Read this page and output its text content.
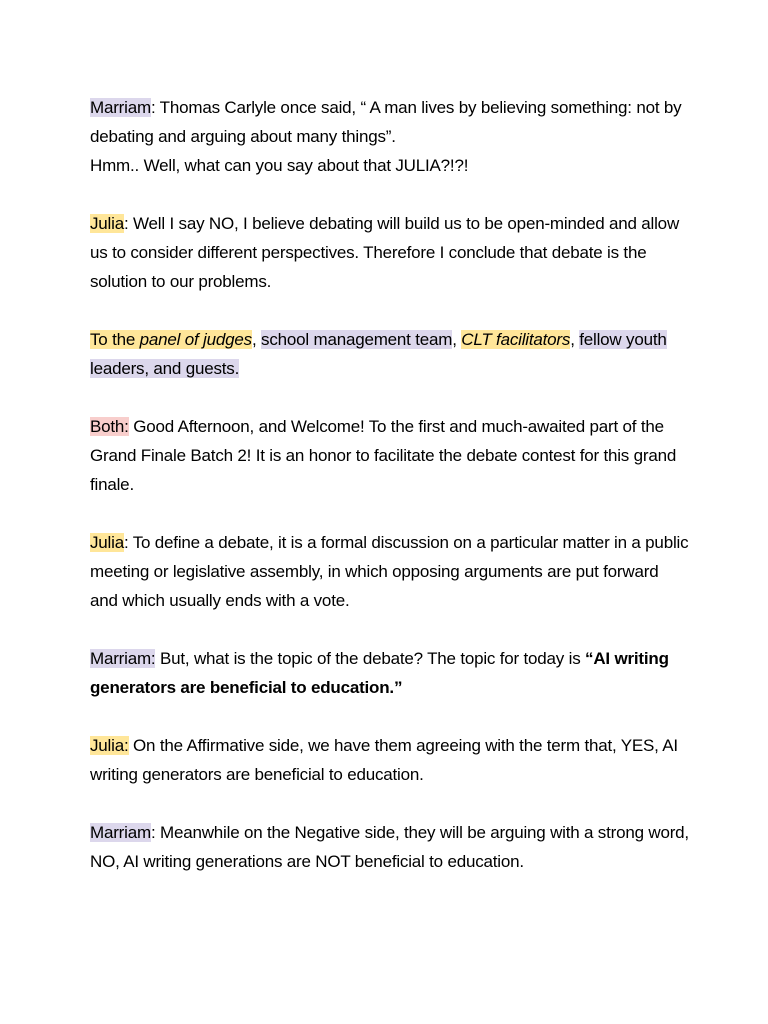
Marriam: Thomas Carlyle once said, “ A man lives by believing something: not by debating and arguing about many things”.
Hmm.. Well, what can you say about that JULIA?!?!

Julia: Well I say NO, I believe debating will build us to be open-minded and allow us to consider different perspectives. Therefore I conclude that debate is the solution to our problems.

To the panel of judges, school management team, CLT facilitators, fellow youth leaders, and guests.

Both: Good Afternoon, and Welcome! To the first and much-awaited part of the Grand Finale Batch 2! It is an honor to facilitate the debate contest for this grand finale.

Julia: To define a debate, it is a formal discussion on a particular matter in a public meeting or legislative assembly, in which opposing arguments are put forward and which usually ends with a vote.

Marriam: But, what is the topic of the debate? The topic for today is “AI writing generators are beneficial to education.”

Julia: On the Affirmative side, we have them agreeing with the term that, YES, AI writing generators are beneficial to education.

Marriam: Meanwhile on the Negative side, they will be arguing with a strong word, NO, AI writing generations are NOT beneficial to education.
